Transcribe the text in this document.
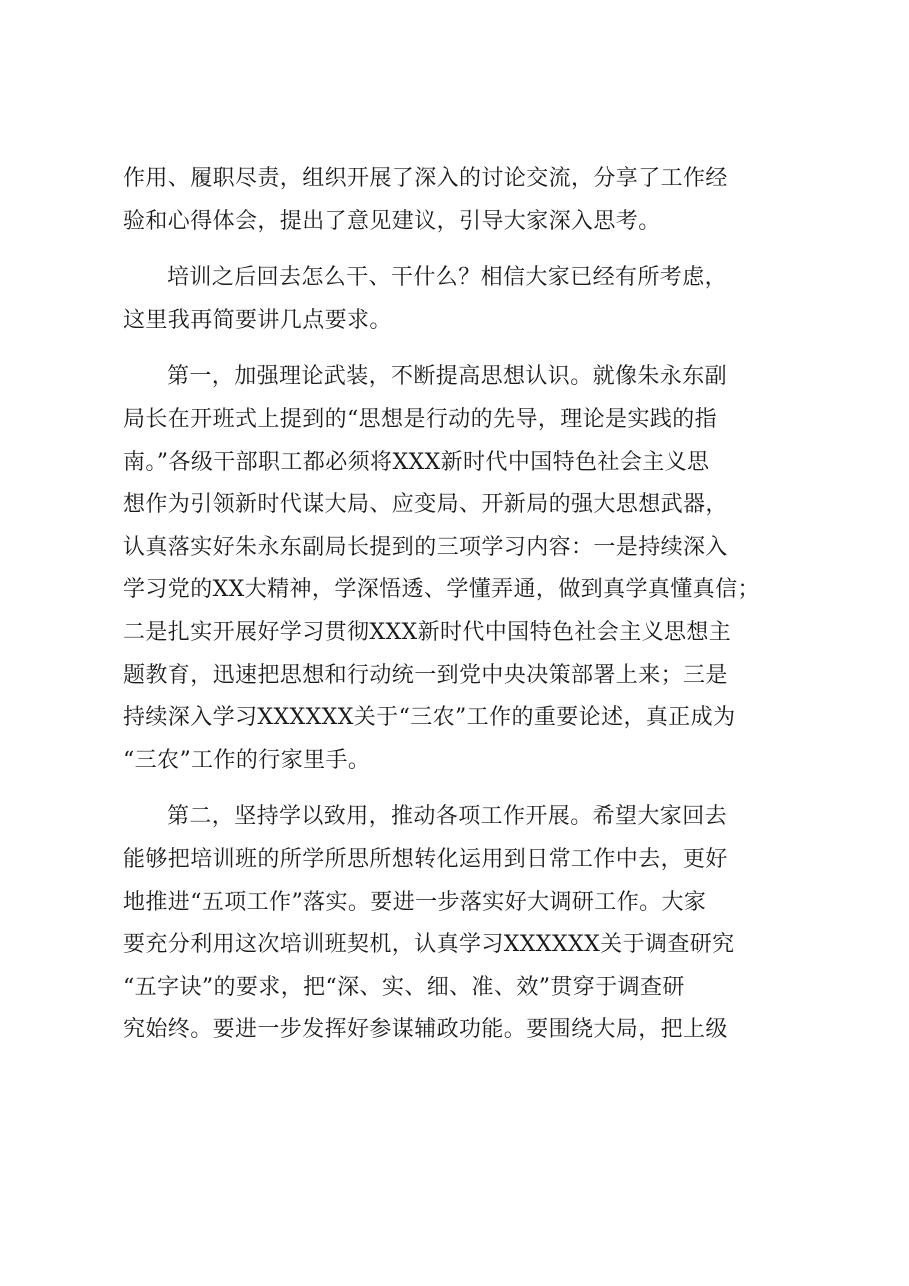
作用、履职尽责，组织开展了深入的讨论交流，分享了工作经
验和心得体会，提出了意见建议，引导大家深入思考。
培训之后回去怎么干、干什么？相信大家已经有所考虑，
这里我再简要讲几点要求。
第一，加强理论武装，不断提高思想认识。就像朱永东副
局长在开班式上提到的“思想是行动的先导，理论是实践的指
南。”各级干部职工都必须将XXX新时代中国特色社会主义思
想作为引领新时代谋大局、应变局、开新局的强大思想武器，
认真落实好朱永东副局长提到的三项学习内容：一是持续深入
学习党的XX大精神，学深悟透、学懂弄通，做到真学真懂真信；
二是扎实开展好学习贯彻XXX新时代中国特色社会主义思想主
题教育，迅速把思想和行动统一到党中央决策部署上来；三是
持续深入学习XXXXXX关于“三农”工作的重要论述，真正成为
“三农”工作的行家里手。
第二，坚持学以致用，推动各项工作开展。希望大家回去
能够把培训班的所学所思所想转化运用到日常工作中去，更好
地推进“五项工作”落实。要进一步落实好大调研工作。大家
要充分利用这次培训班契机，认真学习XXXXXX关于调查研究
“五字诀”的要求，把“深、实、细、准、效”贯穿于调查研
究始终。要进一步发挥好参谋辅政功能。要围绕大局，把上级
